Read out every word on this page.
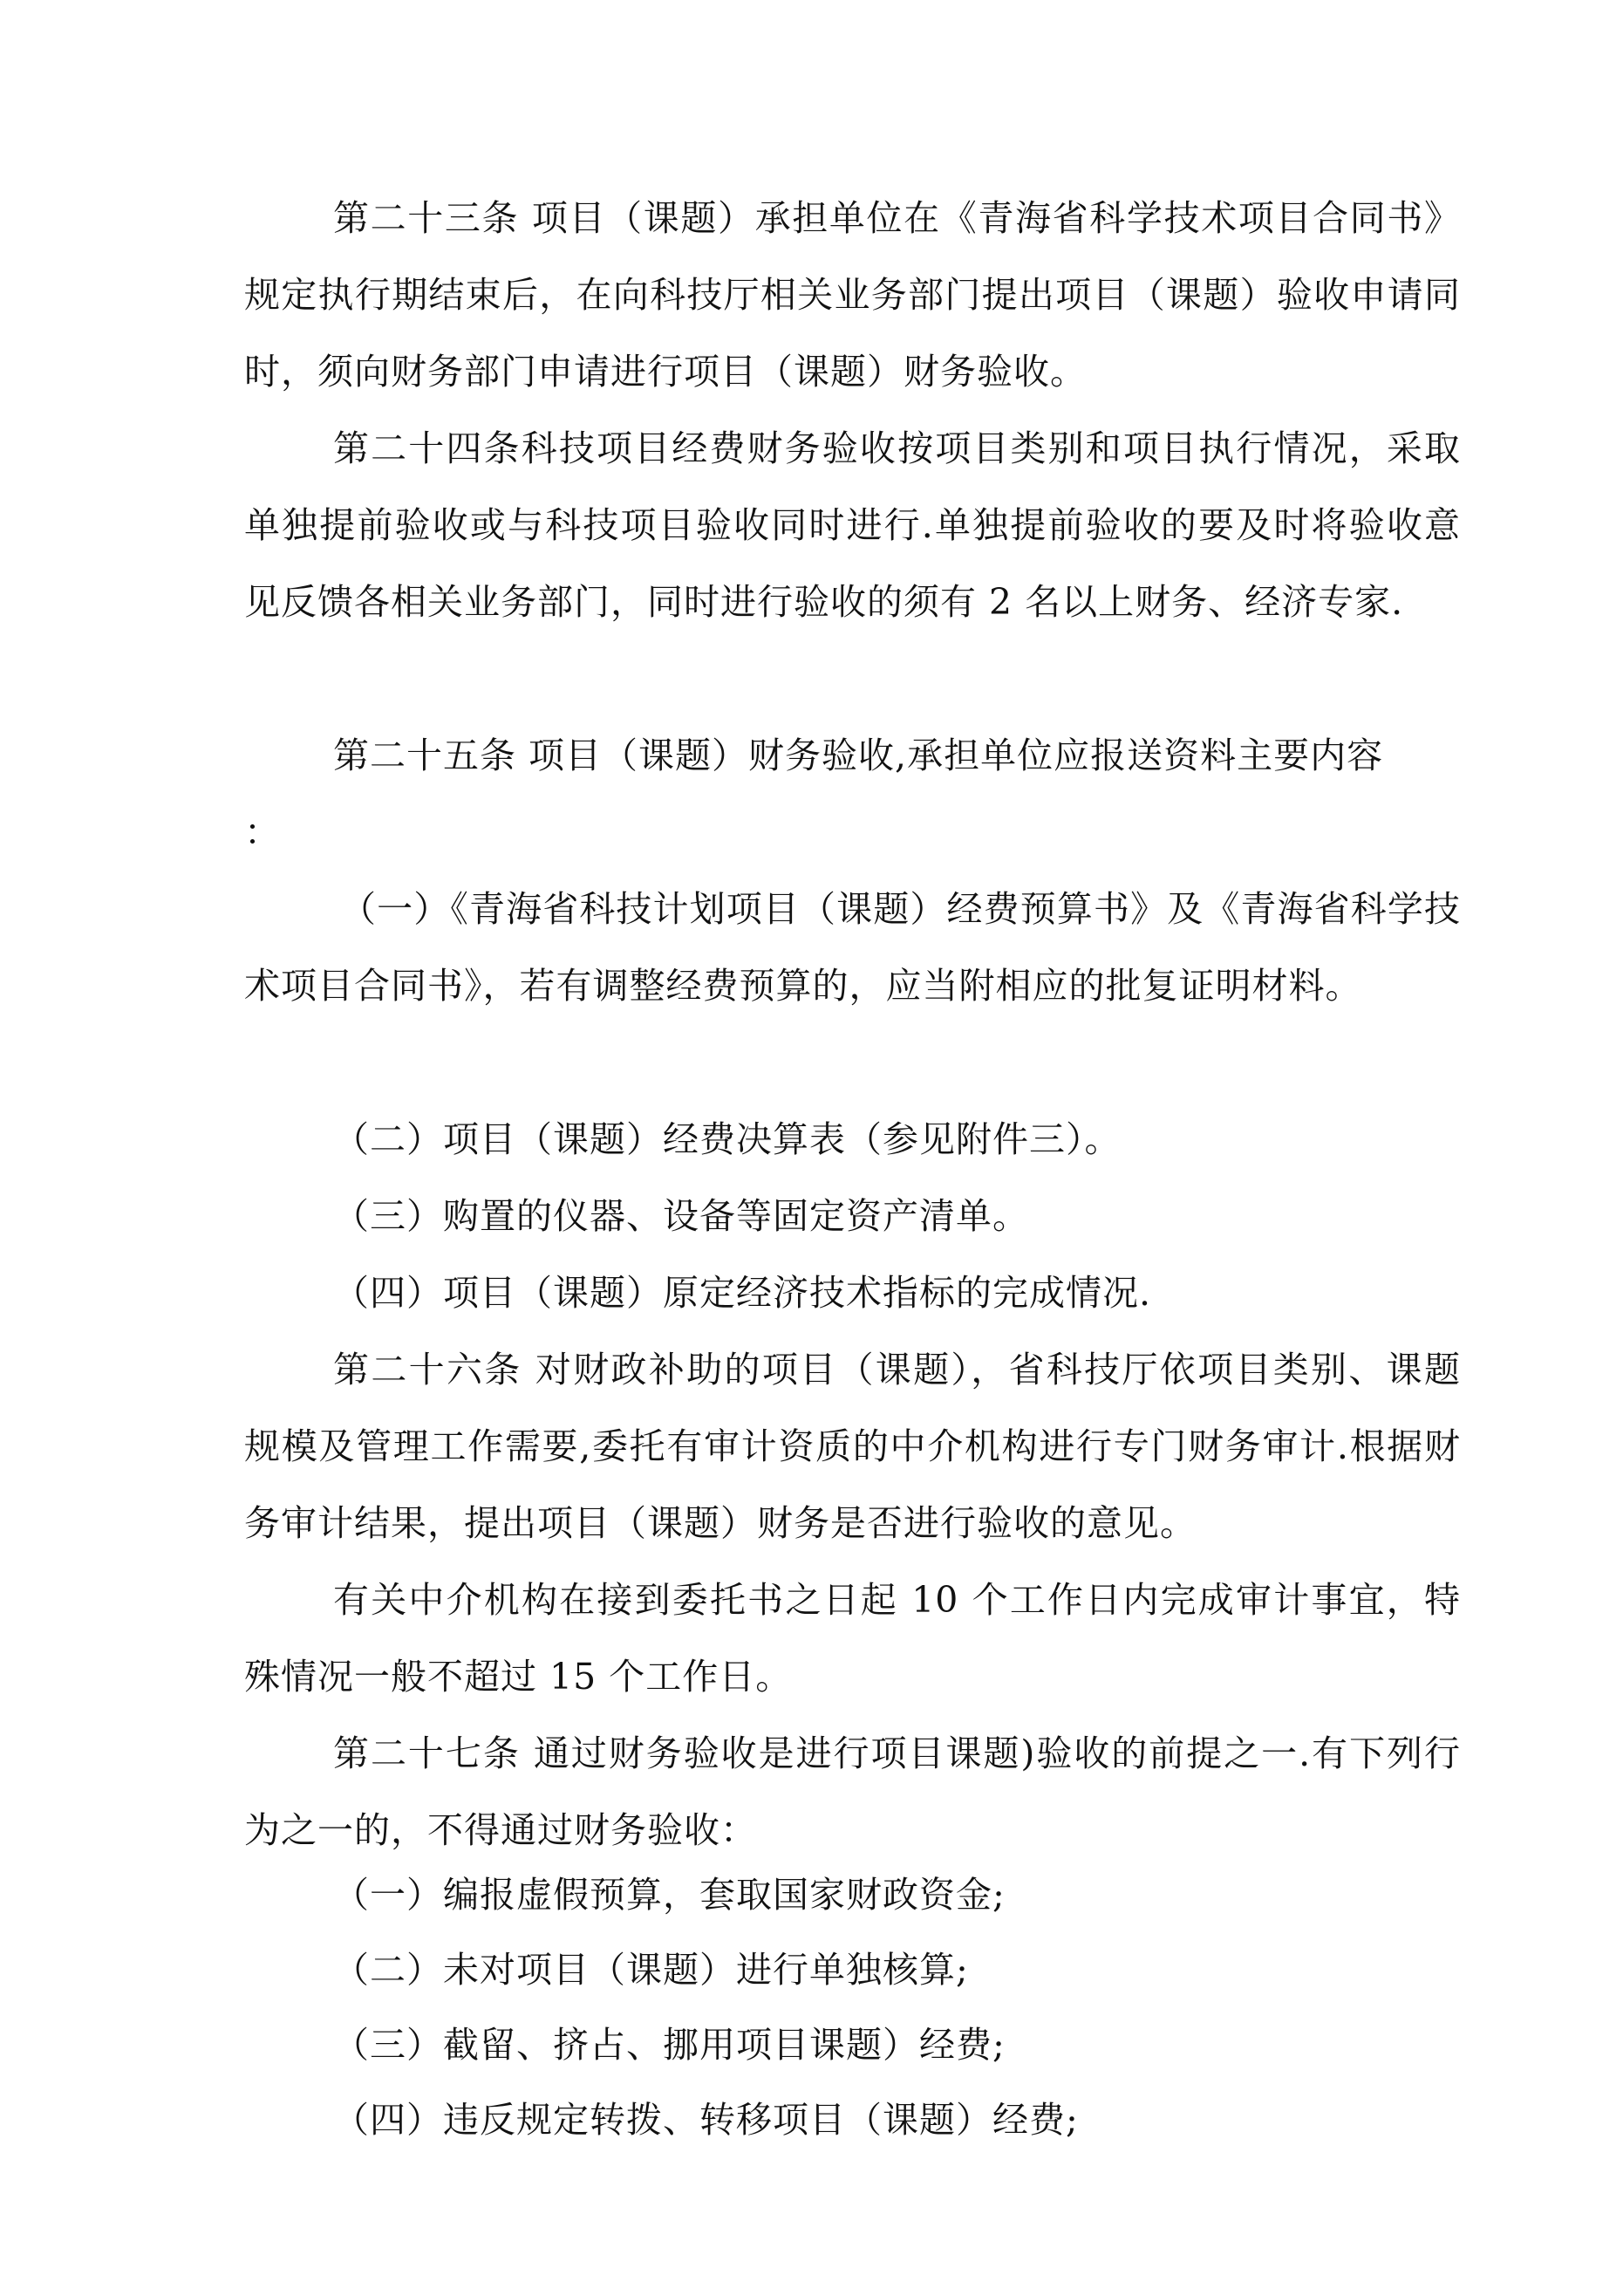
第二十三条 项目（课题）承担单位在《青海省科学技术项目合同书》规定执行期结束后，在向科技厅相关业务部门提出项目（课题）验收申请同时，须向财务部门申请进行项目（课题）财务验收。

第二十四条科技项目经费财务验收按项目类别和项目执行情况，采取单独提前验收或与科技项目验收同时进行.单独提前验收的要及时将验收意见反馈各相关业务部门，同时进行验收的须有 2 名以上财务、经济专家.

第二十五条 项目（课题）财务验收,承担单位应报送资料主要内容

：

（一）《青海省科技计划项目（课题）经费预算书》及《青海省科学技术项目合同书》，若有调整经费预算的，应当附相应的批复证明材料。

（二）项目（课题）经费决算表（参见附件三）。

（三）购置的仪器、设备等固定资产清单。

（四）项目（课题）原定经济技术指标的完成情况.

第二十六条 对财政补助的项目（课题），省科技厅依项目类别、课题规模及管理工作需要,委托有审计资质的中介机构进行专门财务审计.根据财务审计结果，提出项目（课题）财务是否进行验收的意见。

有关中介机构在接到委托书之日起 10 个工作日内完成审计事宜，特殊情况一般不超过 15 个工作日。

第二十七条 通过财务验收是进行项目课题)验收的前提之一.有下列行为之一的，不得通过财务验收：

（一）编报虚假预算，套取国家财政资金;

（二）未对项目（课题）进行单独核算;

（三）截留、挤占、挪用项目课题）经费;

（四）违反规定转拨、转移项目（课题）经费;
